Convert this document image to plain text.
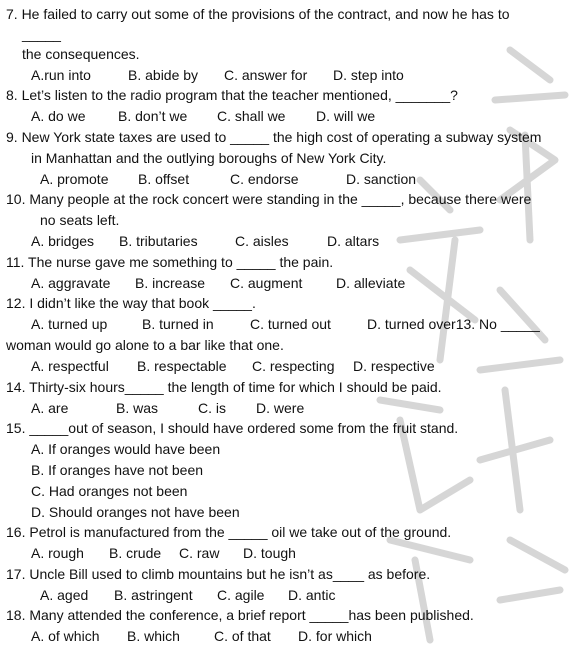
7. He failed to carry out some of the provisions of the contract, and now he has to
_____
the consequences.
A.run into	B. abide by C. answer for D. step into
8. Let’s listen to the radio program that the teacher mentioned, _______?
A. do we B. don’t we C. shall we D. will we
9. New York state taxes are used to _____ the high cost of operating a subway system
in Manhattan and the outlying boroughs of New York City.
A. promote B. offset	C. endorse	D. sanction
10. Many people at the rock concert were standing in the _____, because there were
no seats left.
A. bridges B. tributaries	C. aisles	D. altars
11. The nurse gave me something to _____ the pain.
A. aggravate B. increase C. augment D. alleviate
12. I didn’t like the way that book _____.
A. turned up B. turned in	C. turned out	D. turned over13. No _____
woman would go alone to a bar like that one.
A. respectful B. respectable C. respecting D. respective
14. Thirty-six hours_____ the length of time for which I should be paid.
A. are	B. was	C. is D. were
15. _____out of season, I should have ordered some from the fruit stand.
A. If oranges would have been
B. If oranges have not been
C. Had oranges not been
D. Should oranges not have been
16. Petrol is manufactured from the _____ oil we take out of the ground.
A. rough B. crude C. raw D. tough
17. Uncle Bill used to climb mountains but he isn’t as____ as before.
A. aged B. astringent C. agile D. antic
18. Many attended the conference, a brief report _____has been published.
A. of which B. which C. of that D. for which
